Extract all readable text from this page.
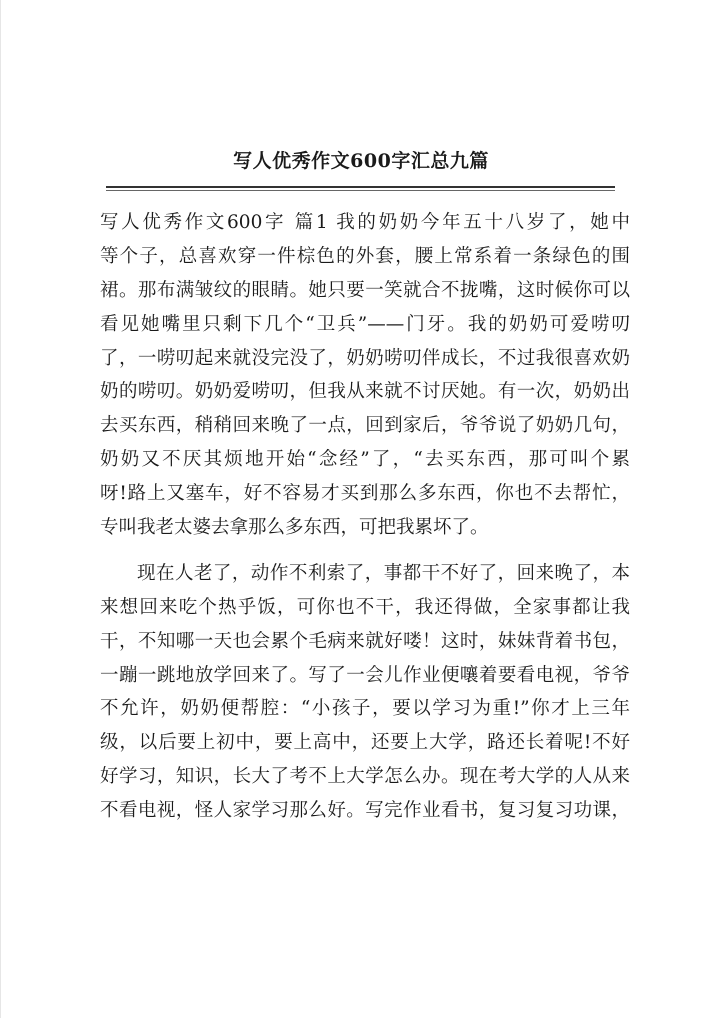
写人优秀作文600字汇总九篇
写人优秀作文600字 篇1 我的奶奶今年五十八岁了，她中
等个子，总喜欢穿一件棕色的外套，腰上常系着一条绿色的围
裙。那布满皱纹的眼睛。她只要一笑就合不拢嘴，这时候你可以
看见她嘴里只剩下几个“卫兵”——门牙。我的奶奶可爱唠叨
了，一唠叨起来就没完没了，奶奶唠叨伴成长，不过我很喜欢奶
奶的唠叨。奶奶爱唠叨，但我从来就不讨厌她。有一次，奶奶出
去买东西，稍稍回来晚了一点，回到家后，爷爷说了奶奶几句，
奶奶又不厌其烦地开始“念经”了，“去买东西，那可叫个累
呀!路上又塞车，好不容易才买到那么多东西，你也不去帮忙，
专叫我老太婆去拿那么多东西，可把我累坏了。
现在人老了，动作不利索了，事都干不好了，回来晚了，本
来想回来吃个热乎饭，可你也不干，我还得做，全家事都让我
干，不知哪一天也会累个毛病来就好喽！这时，妹妹背着书包，
一蹦一跳地放学回来了。写了一会儿作业便嚷着要看电视，爷爷
不允许，奶奶便帮腔：“小孩子，要以学习为重!”你才上三年
级，以后要上初中，要上高中，还要上大学，路还长着呢!不好
好学习，知识，长大了考不上大学怎么办。现在考大学的人从来
不看电视，怪人家学习那么好。写完作业看书，复习复习功课，
